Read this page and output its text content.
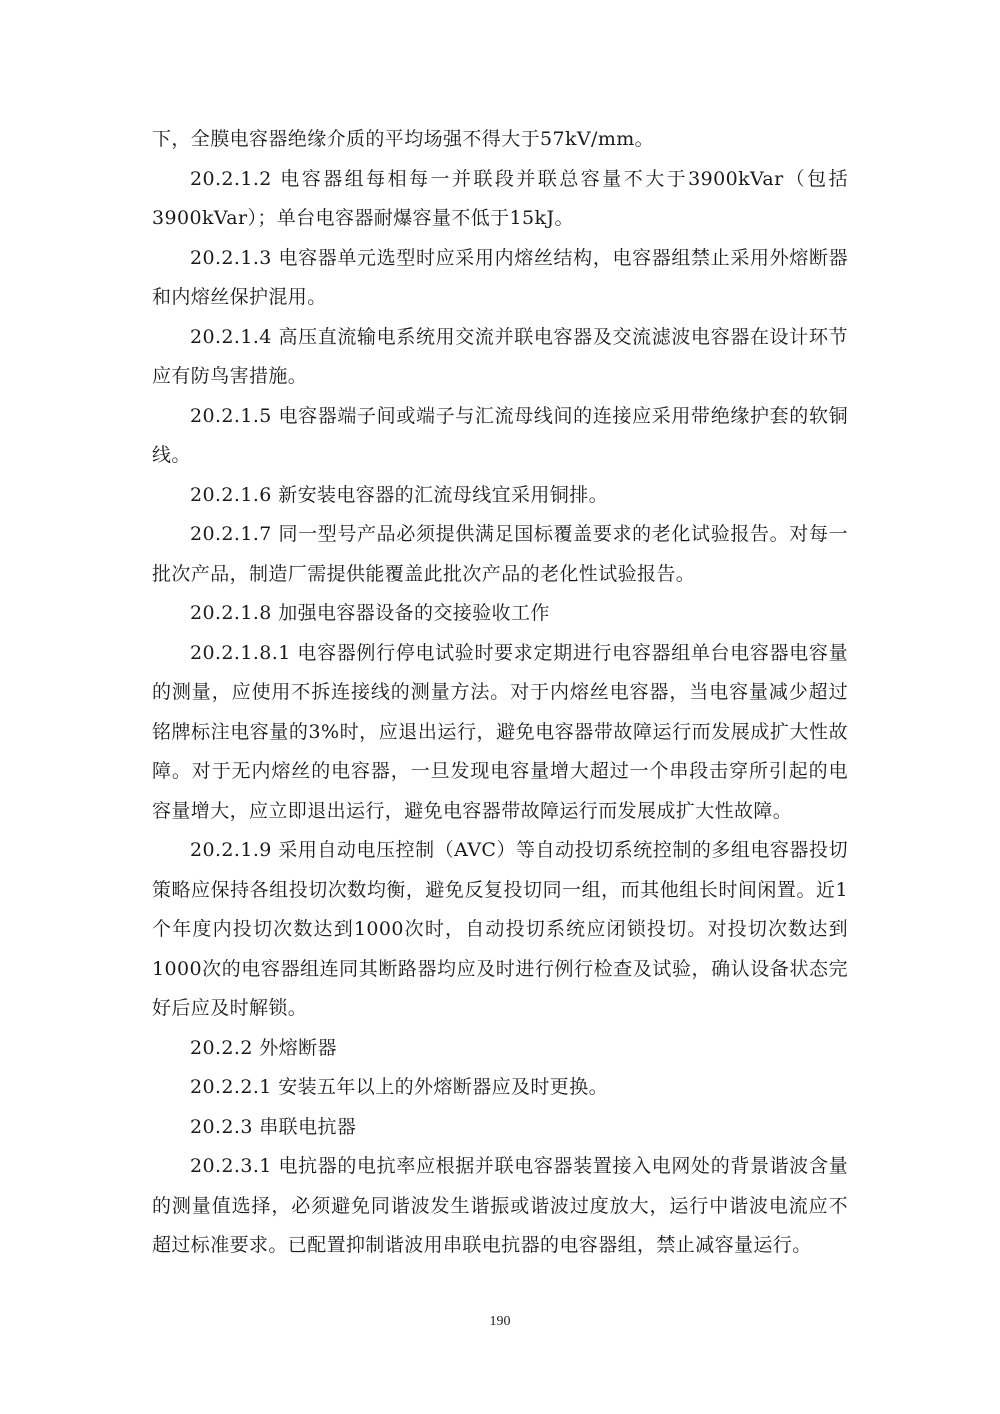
下，全膜电容器绝缘介质的平均场强不得大于57kV/mm。

20.2.1.2 电容器组每相每一并联段并联总容量不大于3900kVar（包括3900kVar）；单台电容器耐爆容量不低于15kJ。

20.2.1.3 电容器单元选型时应采用内熔丝结构，电容器组禁止采用外熔断器和内熔丝保护混用。

20.2.1.4 高压直流输电系统用交流并联电容器及交流滤波电容器在设计环节应有防鸟害措施。

20.2.1.5 电容器端子间或端子与汇流母线间的连接应采用带绝缘护套的软铜线。

20.2.1.6 新安装电容器的汇流母线宜采用铜排。

20.2.1.7 同一型号产品必须提供满足国标覆盖要求的老化试验报告。对每一批次产品，制造厂需提供能覆盖此批次产品的老化性试验报告。

20.2.1.8 加强电容器设备的交接验收工作

20.2.1.8.1 电容器例行停电试验时要求定期进行电容器组单台电容器电容量的测量，应使用不拆连接线的测量方法。对于内熔丝电容器，当电容量减少超过铭牌标注电容量的3%时，应退出运行，避免电容器带故障运行而发展成扩大性故障。对于无内熔丝的电容器，一旦发现电容量增大超过一个串段击穿所引起的电容量增大，应立即退出运行，避免电容器带故障运行而发展成扩大性故障。

20.2.1.9 采用自动电压控制（AVC）等自动投切系统控制的多组电容器投切策略应保持各组投切次数均衡，避免反复投切同一组，而其他组长时间闲置。近1个年度内投切次数达到1000次时，自动投切系统应闭锁投切。对投切次数达到1000次的电容器组连同其断路器均应及时进行例行检查及试验，确认设备状态完好后应及时解锁。

20.2.2 外熔断器

20.2.2.1 安装五年以上的外熔断器应及时更换。

20.2.3 串联电抗器

20.2.3.1 电抗器的电抗率应根据并联电容器装置接入电网处的背景谐波含量的测量值选择，必须避免同谐波发生谐振或谐波过度放大，运行中谐波电流应不超过标准要求。已配置抑制谐波用串联电抗器的电容器组，禁止减容量运行。

190
